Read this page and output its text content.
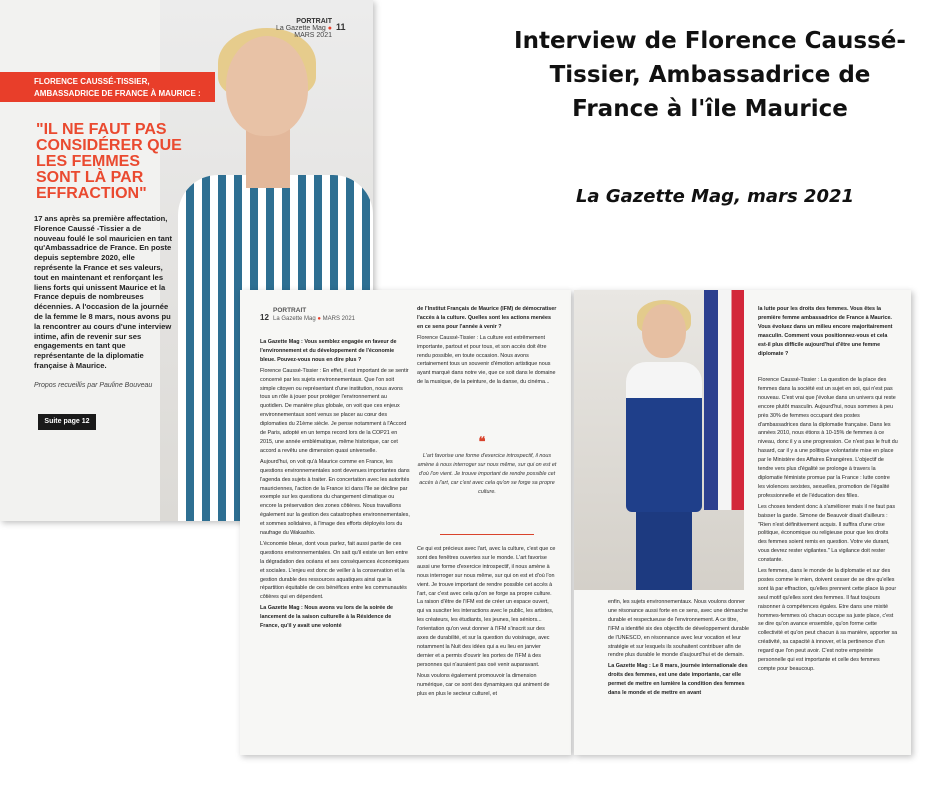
Interview de Florence Caussé-Tissier, Ambassadrice de France à l'île Maurice
La Gazette Mag, mars 2021
PORTRAIT
La Gazette Mag ● MARS 2021
11
FLORENCE CAUSSÉ-TISSIER, AMBASSADRICE DE FRANCE À MAURICE :
"IL NE FAUT PAS CONSIDÉRER QUE LES FEMMES SONT LÀ PAR EFFRACTION"
17 ans après sa première affectation, Florence Caussé -Tissier a de nouveau foulé le sol mauricien en tant qu'Ambassadrice de France. En poste depuis septembre 2020, elle représente la France et ses valeurs, tout en maintenant et renforçant les liens forts qui unissent Maurice et la France depuis de nombreuses décennies. A l'occasion de la journée de la femme le 8 mars, nous avons pu la rencontrer au cours d'une interview intime, afin de revenir sur ses engagements en tant que représentante de la diplomatie française à Maurice.
Propos recueillis par Pauline Bouveau
Suite page 12
12
PORTRAIT
La Gazette Mag ● MARS 2021

La Gazette Mag : Vous semblez engagée en faveur de l'environnement et du développement de l'économie bleue. Pouvez-vous nous en dire plus ?

Florence Caussé-Tissier : En effet, il est important de se sentir concerné par les sujets environnementaux. Que l'on soit simple citoyen ou représentant d'une institution, nous avons tous un rôle à jouer pour protéger l'environnement au quotidien. De manière plus globale, on voit que ces enjeux environnementaux sont venus se placer au cœur des diplomaties du 21ème siècle. Je pense notamment à l'Accord de Paris, adopté en un temps record lors de la COP21 en 2015, une année emblématique, même historique, car cet accord a revêtu une dimension quasi universelle.

Aujourd'hui, on voit qu'à Maurice comme en France, les questions environnementales sont devenues importantes dans l'agenda des sujets à traiter. En concertation avec les autorités mauriciennes, l'action de la France ici dans l'île se décline par exemple sur les questions du changement climatique ou encore la préservation des zones côtières. Nous travaillons également sur la gestion des catastrophes environnementales, et sommes solidaires, à l'image des efforts déployés lors du naufrage du Wakashio.

L'économie bleue, dont vous parlez, fait aussi partie de ces questions environnementales. On sait qu'il existe un lien entre la dégradation des océans et ses conséquences économiques et sociales. L'enjeu est donc de veiller à la conservation et la gestion durable des ressources aquatiques ainsi que la répartition équitable de ces bénéfices entre les communautés côtières qui en dépendent.

La Gazette Mag : Nous avons vu lors de la soirée de lancement de la saison culturelle à la Résidence de France, qu'il y avait une volonté

de l'Institut Français de Maurice (IFM) de démocratiser l'accès à la culture. Quelles sont les actions menées en ce sens pour l'année à venir ?

Florence Caussé-Tissier : La culture est extrêmement importante, partout et pour tous, et son accès doit être rendu possible, en toute occasion. Nous avons certainement tous un souvenir d'émotion artistique nous ayant marqué dans notre vie, que ce soit dans le domaine de la musique, de la peinture, de la danse, du cinéma...

❝
L'art favorise une forme d'exercice introspectif, il nous amène à nous interroger sur nous même, sur qui on est et d'où l'on vient. Je trouve important de rendre possible cet accès à l'art, car c'est avec cela qu'on se forge sa propre culture.

Ce qui est précieux avec l'art, avec la culture, c'est que ce sont des fenêtres ouvertes sur le monde. L'art favorise aussi une forme d'exercice introspectif, il nous amène à nous interroger sur nous même, sur qui on est et d'où l'on vient. Je trouve important de rendre possible cet accès à l'art, car c'est avec cela qu'on se forge sa propre culture. La raison d'être de l'IFM est de créer un espace ouvert, qui va susciter les interactions avec le public, les artistes, les créateurs, les étudiants, les jeunes, les séniors... l'orientation qu'on veut donner à l'IFM s'inscrit sur des axes de durabilité, et sur la question du voisinage, avec notamment la Nuit des idées qui a eu lieu en janvier dernier et a permis d'ouvrir les portes de l'IFM à des personnes qui n'auraient pas osé venir auparavant.

Nous voulons également promouvoir la dimension numérique, car ce sont des dynamiques qui animent de plus en plus le secteur culturel, et

la lutte pour les droits des femmes. Vous êtes la première femme ambassadrice de France à Maurice. Vous évoluez dans un milieu encore majoritairement masculin. Comment vous positionnez-vous et cela est-il plus difficile aujourd'hui d'être une femme diplomate ?

Florence Caussé-Tissier : La question de la place des femmes dans la société est un sujet en soi, qui n'est pas nouveau. C'est vrai que j'évolue dans un univers qui reste encore plutôt masculin. Aujourd'hui, nous sommes à peu près 30% de femmes occupant des postes d'ambassadrices dans la diplomatie française. Dans les années 2010, nous étions à 10-15% de femmes à ce niveau, donc il y a une progression. Ce n'est pas le fruit du hasard, car il y a une politique volontariste mise en place par le Ministère des Affaires Étrangères. L'objectif de tendre vers plus d'égalité se prolonge à travers la diplomatie féministe promue par la France : lutte contre les violences sexistes, sexuelles, promotion de l'égalité professionnelle et de l'éducation des filles.

Les choses tendent donc à s'améliorer mais il ne faut pas baisser la garde. Simone de Beauvoir disait d'ailleurs : "Rien n'est définitivement acquis. Il suffira d'une crise politique, économique ou religieuse pour que les droits des femmes soient remis en question. Votre vie durant, vous devrez rester vigilantes." La vigilance doit rester constante.

Les femmes, dans le monde de la diplomatie et sur des postes comme le mien, doivent cesser de se dire qu'elles sont là par effraction, qu'elles prennent cette place là pour seul motif qu'elles sont des femmes. Il faut toujours raisonner à compétences égales. Etre dans une mixité hommes-femmes où chacun occupe sa juste place, c'est se dire qu'on avance ensemble, qu'on forme cette collectivité et qu'on peut chacun à sa manière, apporter sa créativité, sa capacité à innover, et la pertinence d'un regard que l'on peut avoir. C'est notre empreinte personnelle qui est importante et celle des femmes compte pour beaucoup.

enfin, les sujets environnementaux. Nous voulons donner une résonance aussi forte en ce sens, avec une démarche durable et respectueuse de l'environnement. A ce titre, l'IFM a identifié six des objectifs de développement durable de l'UNESCO, en résonnance avec leur vocation et leur stratégie et sur lesquels ils souhaitent contribuer afin de rendre plus durable le monde d'aujourd'hui et de demain.

La Gazette Mag : Le 8 mars, journée internationale des droits des femmes, est une date importante, car elle permet de mettre en lumière la condition des femmes dans le monde et de mettre en avant
